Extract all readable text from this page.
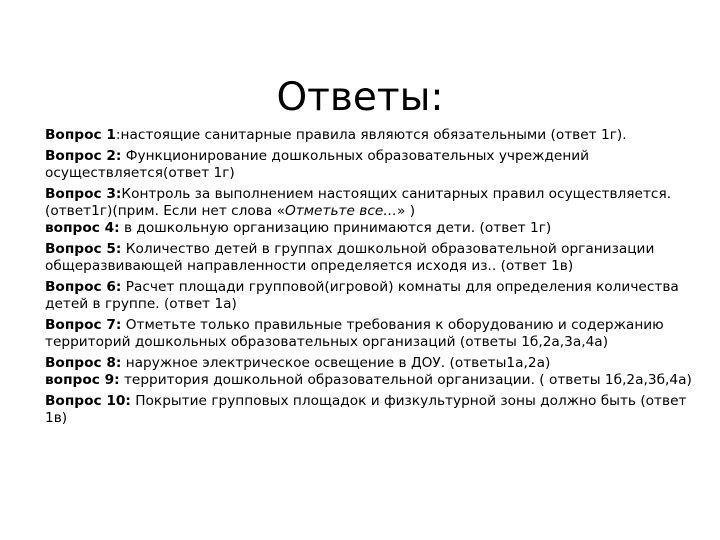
Ответы:

Вопрос 1:настоящие санитарные правила являются обязательными (ответ 1г).

Вопрос 2: Функционирование дошкольных образовательных учреждений осуществляется(ответ 1г)

Вопрос 3:Контроль за выполнением настоящих санитарных правил осуществляется. (ответ1г)(прим. Если нет слова «Отметьте все…» )

вопрос 4: в дошкольную организацию принимаются дети. (ответ 1г)

Вопрос 5: Количество детей в группах дошкольной образовательной организации общеразвивающей направленности определяется исходя из.. (ответ 1в)

Вопрос 6: Расчет площади групповой(игровой) комнаты для определения количества детей в группе. (ответ 1а)

Вопрос 7: Отметьте только правильные требования к оборудованию и содержанию территорий дошкольных образовательных организаций (ответы 1б,2а,3а,4а)

Вопрос 8: наружное электрическое освещение в ДОУ. (ответы1а,2а)

вопрос 9: территория дошкольной образовательной организации. ( ответы 1б,2а,3б,4а)

Вопрос 10: Покрытие групповых площадок и физкультурной зоны должно быть (ответ 1в)
